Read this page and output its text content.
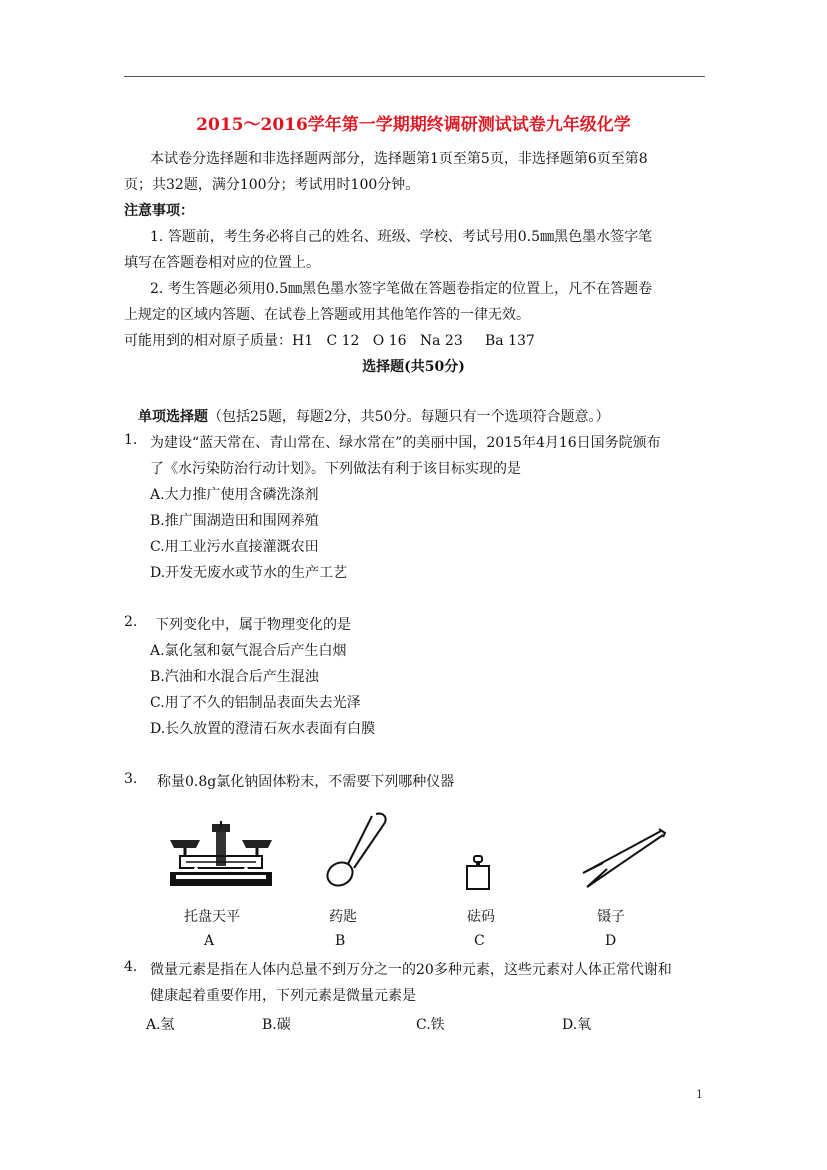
2015～2016学年第一学期期终调研测试试卷九年级化学
本试卷分选择题和非选择题两部分，选择题第1页至第5页，非选择题第6页至第8
页；共32题，满分100分；考试用时100分钟。
注意事项：
1. 答题前，考生务必将自己的姓名、班级、学校、考试号用0.5㎜黑色墨水签字笔
填写在答题卷相对应的位置上。
2. 考生答题必须用0.5㎜黑色墨水签字笔做在答题卷指定的位置上，凡不在答题卷
上规定的区域内答题、在试卷上答题或用其他笔作答的一律无效。
可能用到的相对原子质量：H1   C 12   O 16   Na 23     Ba 137
选择题(共50分)
单项选择题（包括25题，每题2分，共50分。每题只有一个选项符合题意。）
1. 为建设“蓝天常在、青山常在、绿水常在”的美丽中国，2015年4月16日国务院颁布
了《水污染防治行动计划》。下列做法有利于该目标实现的是
A.大力推广使用含磷洗涤剂
B.推广围湖造田和围网养殖
C.用工业污水直接灌溉农田
D.开发无废水或节水的生产工艺
2. 下列变化中，属于物理变化的是
A.氯化氢和氨气混合后产生白烟
B.汽油和水混合后产生混浊
C.用了不久的铝制品表面失去光泽
D.长久放置的澄清石灰水表面有白膜
3. 称量0.8g氯化钠固体粉末，不需要下列哪种仪器
托盘天平	药匙	砝码	镊子
A	B	C	D
4. 微量元素是指在人体内总量不到万分之一的20多种元素，这些元素对人体正常代谢和
健康起着重要作用，下列元素是微量元素是
A.氢	B.碳	C.铁	D.氧
1
